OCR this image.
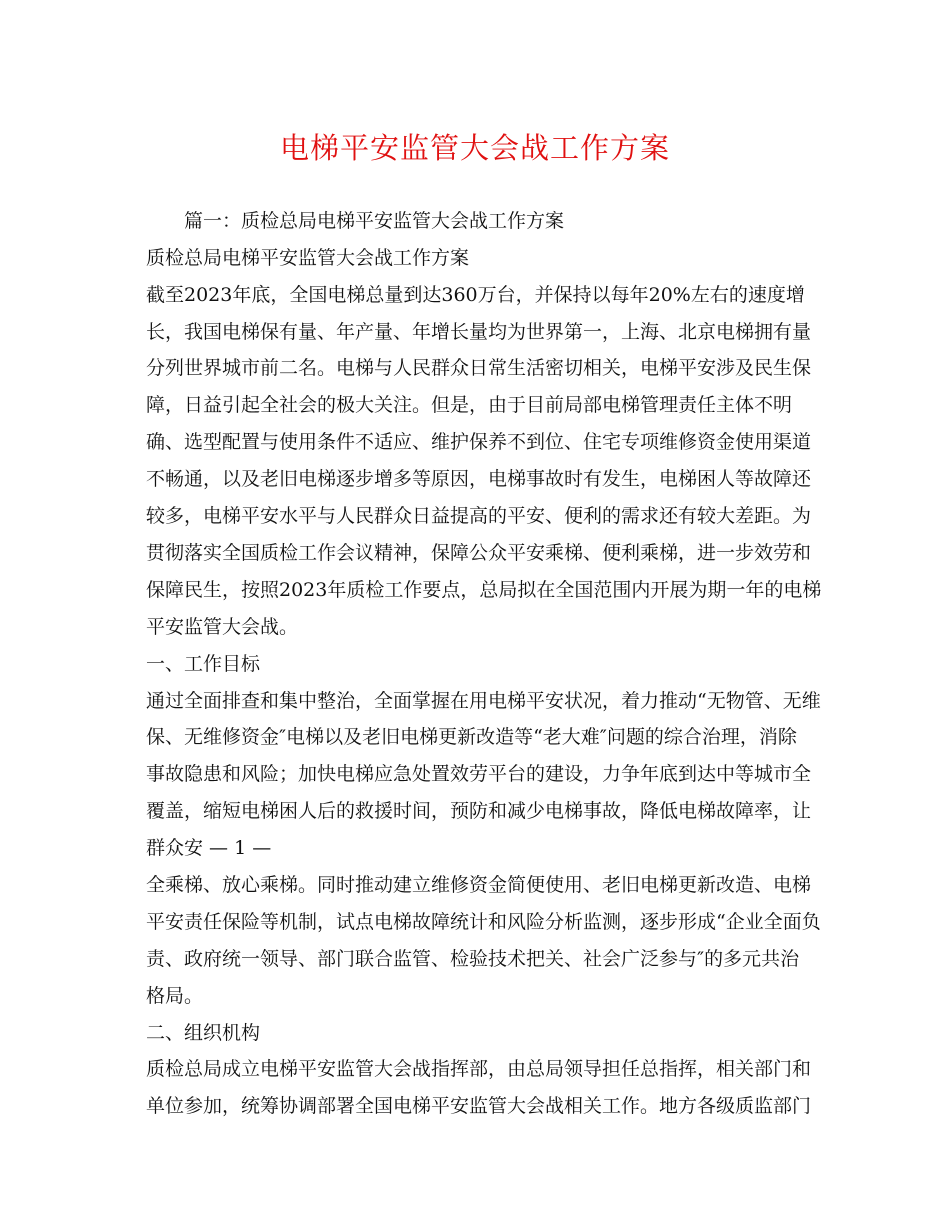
电梯平安监管大会战工作方案
篇一：质检总局电梯平安监管大会战工作方案
质检总局电梯平安监管大会战工作方案
截至2023年底，全国电梯总量到达360万台，并保持以每年20%左右的速度增
长，我国电梯保有量、年产量、年增长量均为世界第一，上海、北京电梯拥有量
分列世界城市前二名。电梯与人民群众日常生活密切相关，电梯平安涉及民生保
障，日益引起全社会的极大关注。但是，由于目前局部电梯管理责任主体不明
确、选型配置与使用条件不适应、维护保养不到位、住宅专项维修资金使用渠道
不畅通，以及老旧电梯逐步增多等原因，电梯事故时有发生，电梯困人等故障还
较多，电梯平安水平与人民群众日益提高的平安、便利的需求还有较大差距。为
贯彻落实全国质检工作会议精神，保障公众平安乘梯、便利乘梯，进一步效劳和
保障民生，按照2023年质检工作要点，总局拟在全国范围内开展为期一年的电梯
平安监管大会战。
一、工作目标
通过全面排查和集中整治，全面掌握在用电梯平安状况，着力推动“无物管、无维
保、无维修资金″电梯以及老旧电梯更新改造等“老大难″问题的综合治理，消除
事故隐患和风险；加快电梯应急处置效劳平台的建设，力争年底到达中等城市全
覆盖，缩短电梯困人后的救援时间，预防和减少电梯事故，降低电梯故障率，让
群众安 — 1 —
全乘梯、放心乘梯。同时推动建立维修资金简便使用、老旧电梯更新改造、电梯
平安责任保险等机制，试点电梯故障统计和风险分析监测，逐步形成“企业全面负
责、政府统一领导、部门联合监管、检验技术把关、社会广泛参与″的多元共治
格局。
二、组织机构
质检总局成立电梯平安监管大会战指挥部，由总局领导担任总指挥，相关部门和
单位参加，统筹协调部署全国电梯平安监管大会战相关工作。地方各级质监部门
